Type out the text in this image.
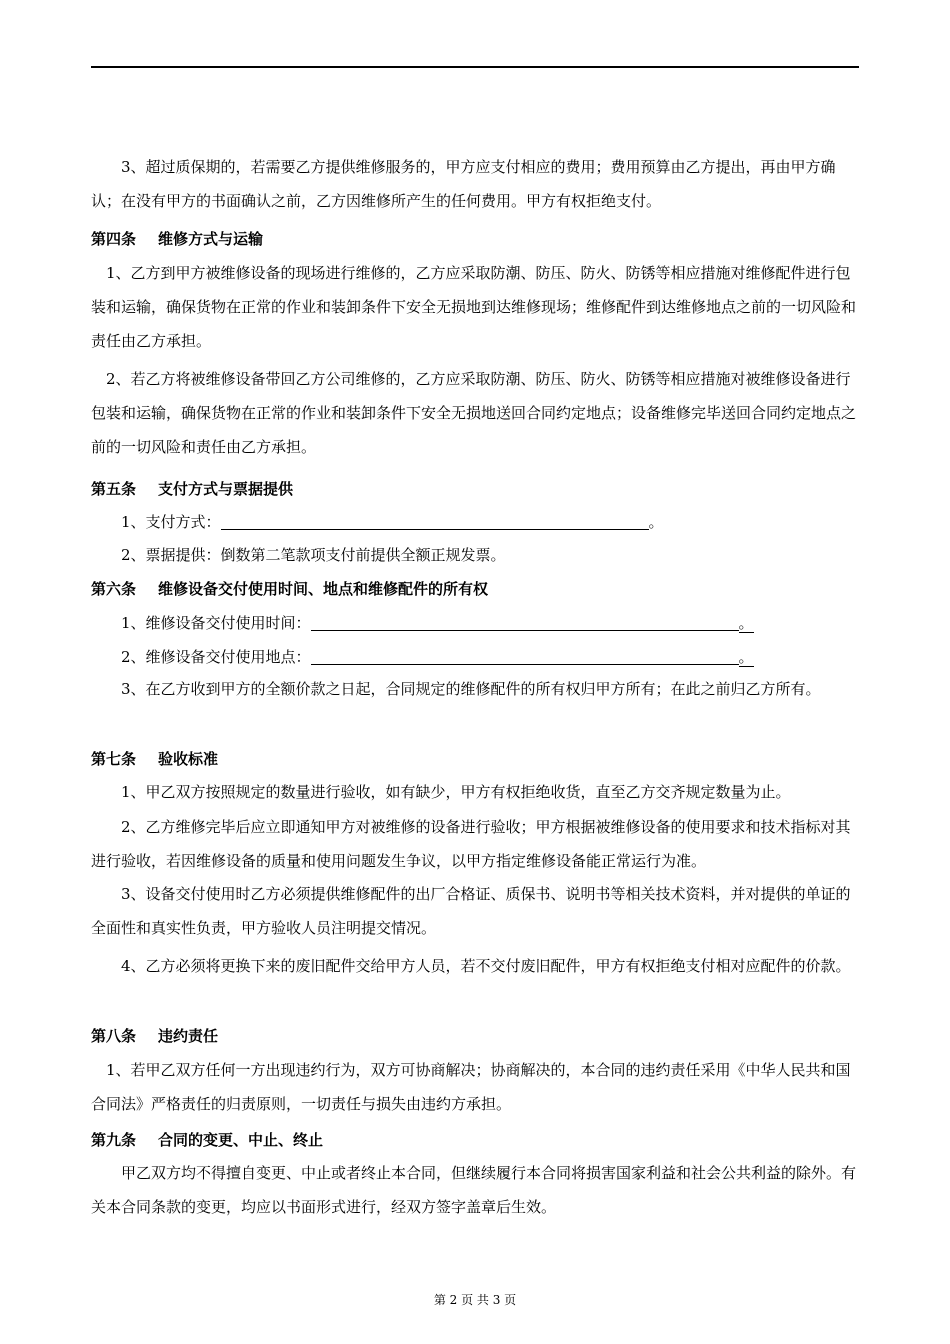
　　3、超过质保期的，若需要乙方提供维修服务的，甲方应支付相应的费用；费用预算由乙方提出，再由甲方确认；在没有甲方的书面确认之前，乙方因维修所产生的任何费用。甲方有权拒绝支付。

第四条 维修方式与运输

　1、乙方到甲方被维修设备的现场进行维修的，乙方应采取防潮、防压、防火、防锈等相应措施对维修配件进行包装和运输，确保货物在正常的作业和装卸条件下安全无损地到达维修现场；维修配件到达维修地点之前的一切风险和责任由乙方承担。

　2、若乙方将被维修设备带回乙方公司维修的，乙方应采取防潮、防压、防火、防锈等相应措施对被维修设备进行包装和运输，确保货物在正常的作业和装卸条件下安全无损地送回合同约定地点；设备维修完毕送回合同约定地点之前的一切风险和责任由乙方承担。

第五条 支付方式与票据提供
1、支付方式：	。
2、票据提供：倒数第二笔款项支付前提供全额正规发票。
第六条 维修设备交付使用时间、地点和维修配件的所有权
1、维修设备交付使用时间：	。
2、维修设备交付使用地点：	。

　　3、在乙方收到甲方的全额价款之日起，合同规定的维修配件的所有权归甲方所有；在此之前归乙方所有。

第七条 验收标准

　　1、甲乙双方按照规定的数量进行验收，如有缺少，甲方有权拒绝收货，直至乙方交齐规定数量为止。

　　2、乙方维修完毕后应立即通知甲方对被维修的设备进行验收；甲方根据被维修设备的使用要求和技术指标对其进行验收，若因维修设备的质量和使用问题发生争议，以甲方指定维修设备能正常运行为准。

　　3、设备交付使用时乙方必须提供维修配件的出厂合格证、质保书、说明书等相关技术资料，并对提供的单证的全面性和真实性负责，甲方验收人员注明提交情况。

　　4、乙方必须将更换下来的废旧配件交给甲方人员，若不交付废旧配件，甲方有权拒绝支付相对应配件的价款。

第八条 违约责任

　1、若甲乙双方任何一方出现违约行为，双方可协商解决；协商解决的，本合同的违约责任采用《中华人民共和国合同法》严格责任的归责原则，一切责任与损失由违约方承担。

第九条 合同的变更、中止、终止

　　甲乙双方均不得擅自变更、中止或者终止本合同，但继续履行本合同将损害国家利益和社会公共利益的除外。有关本合同条款的变更，均应以书面形式进行，经双方签字盖章后生效。

第 2 页 共 3 页
